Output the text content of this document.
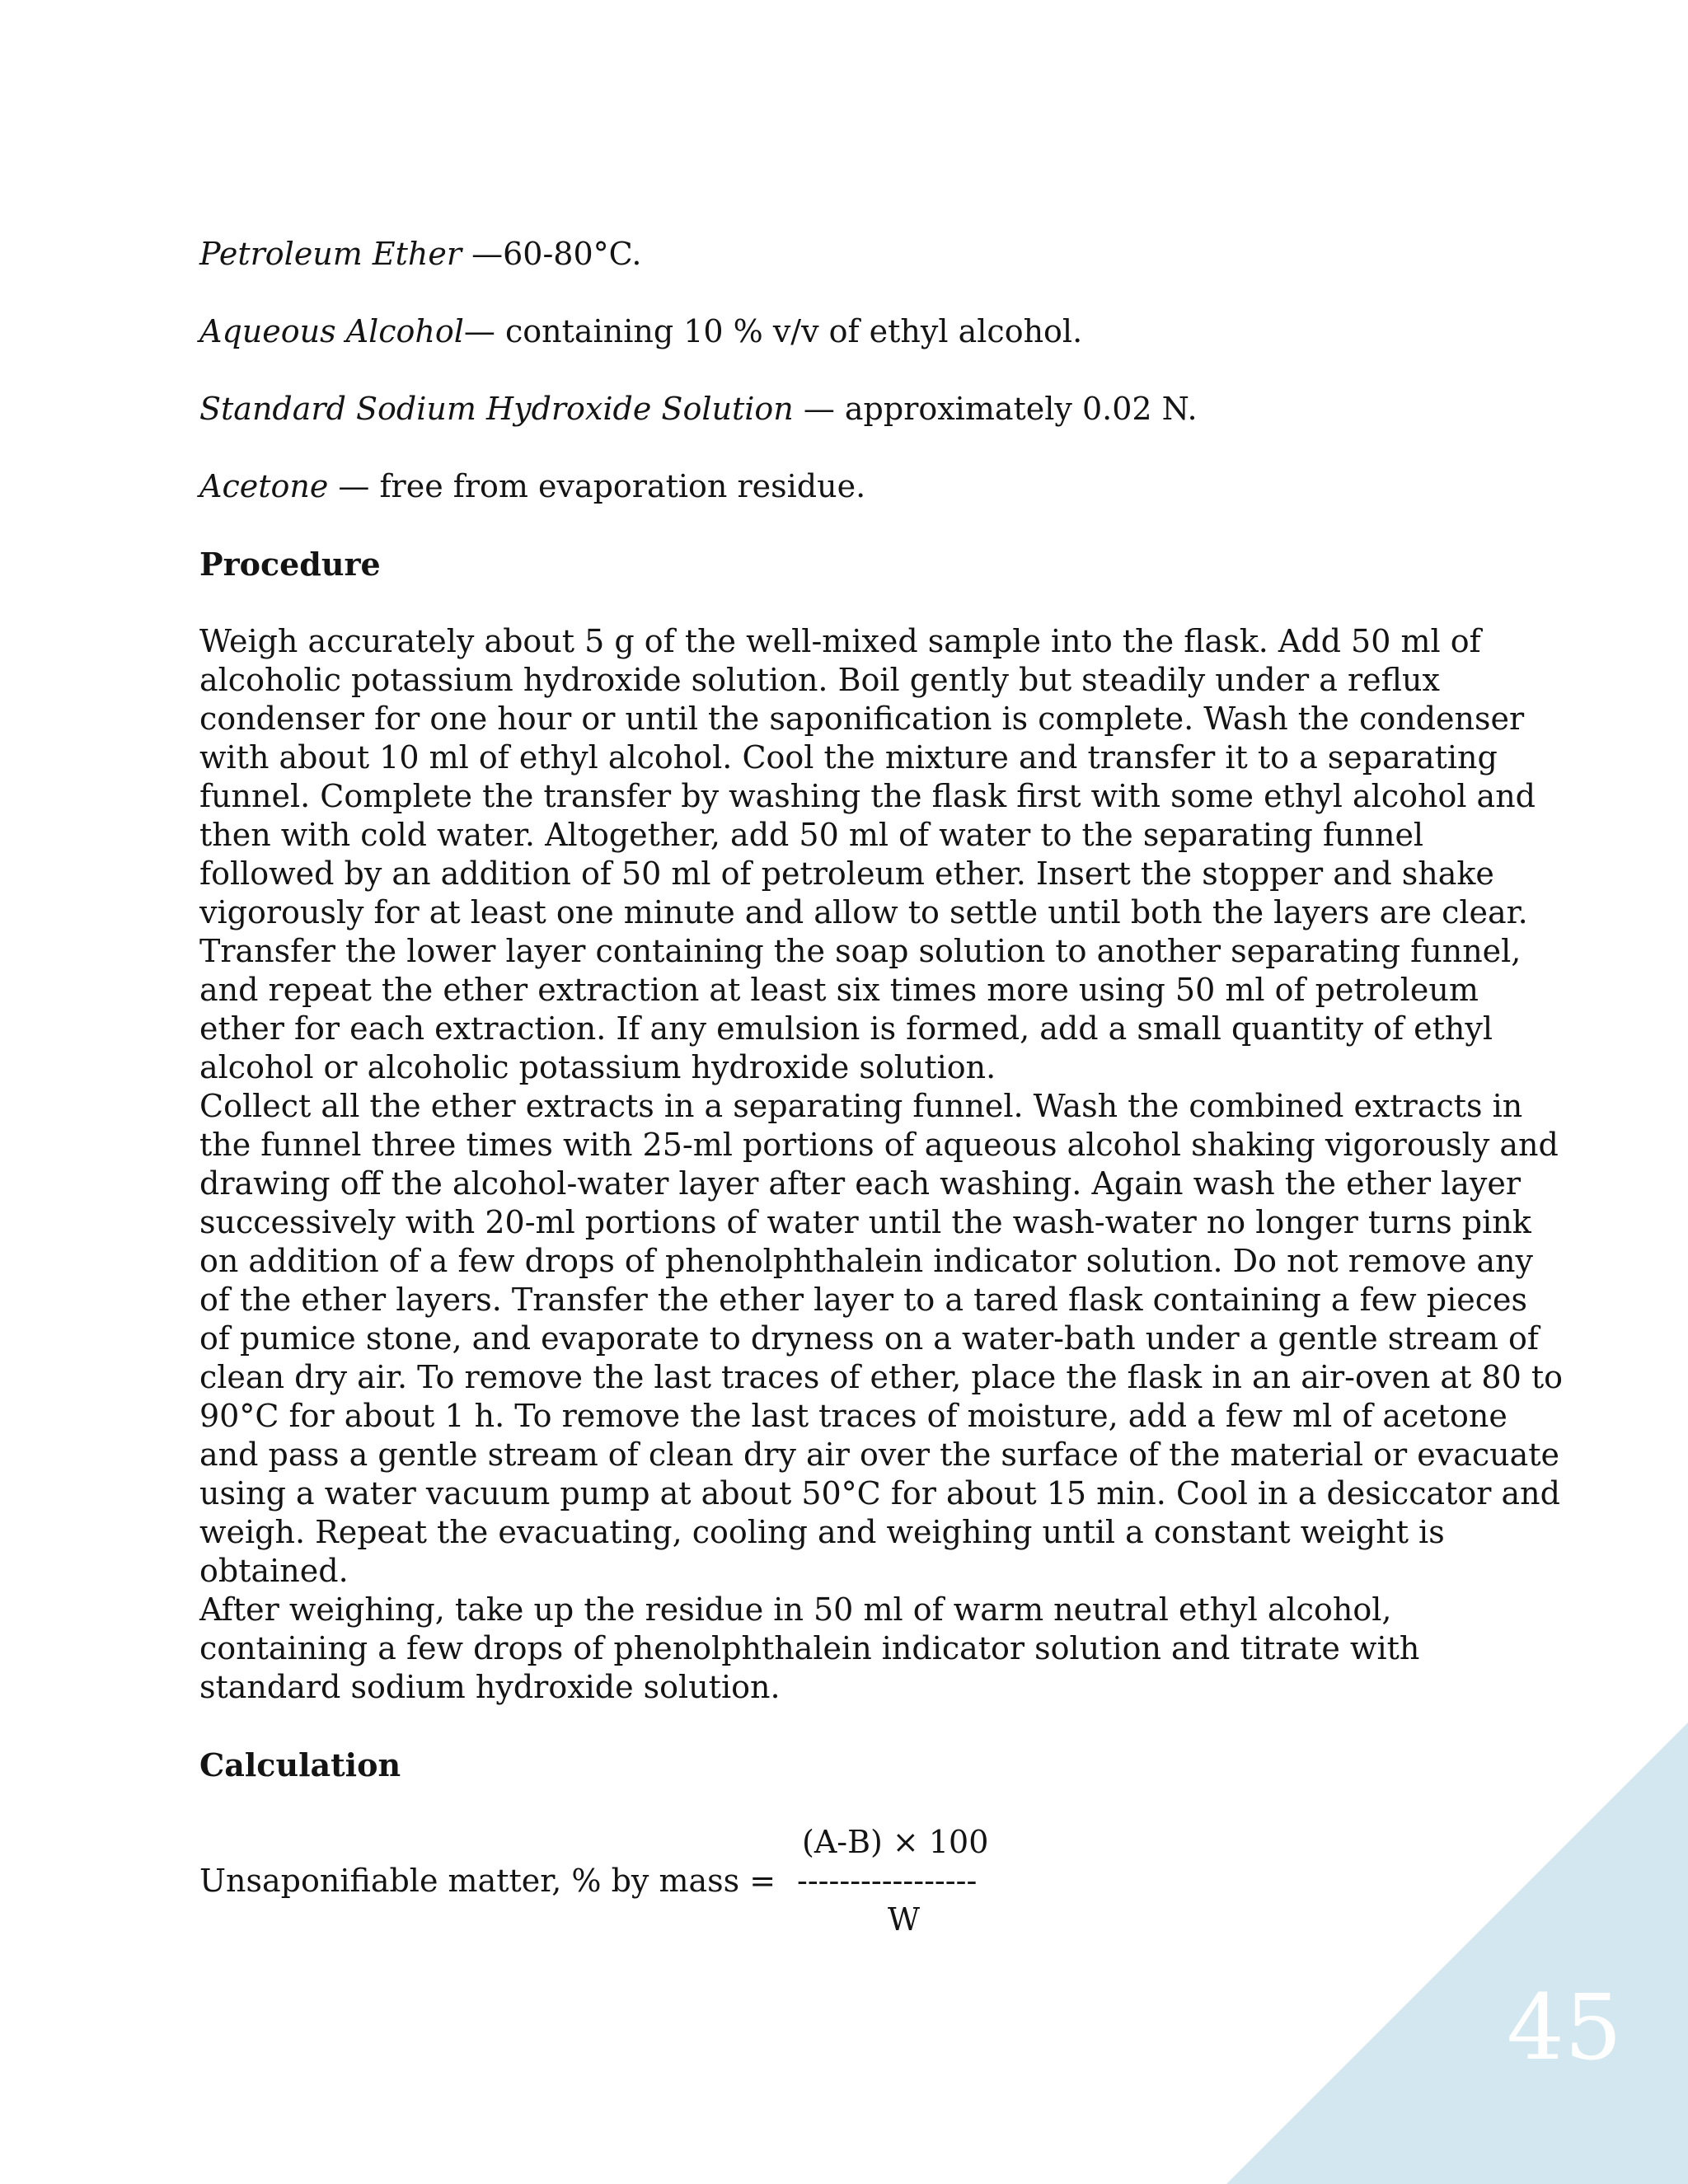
Petroleum Ether —60-80°C.

Aqueous Alcohol— containing 10 % v/v of ethyl alcohol.

Standard Sodium Hydroxide Solution — approximately 0.02 N.

Acetone — free from evaporation residue.

Procedure

Weigh accurately about 5 g of the well-mixed sample into the flask. Add 50 ml of alcoholic potassium hydroxide solution. Boil gently but steadily under a reflux condenser for one hour or until the saponification is complete. Wash the condenser with about 10 ml of ethyl alcohol. Cool the mixture and transfer it to a separating funnel. Complete the transfer by washing the flask first with some ethyl alcohol and then with cold water. Altogether, add 50 ml of water to the separating funnel followed by an addition of 50 ml of petroleum ether. Insert the stopper and shake vigorously for at least one minute and allow to settle until both the layers are clear. Transfer the lower layer containing the soap solution to another separating funnel, and repeat the ether extraction at least six times more using 50 ml of petroleum ether for each extraction. If any emulsion is formed, add a small quantity of ethyl alcohol or alcoholic potassium hydroxide solution.

Collect all the ether extracts in a separating funnel. Wash the combined extracts in the funnel three times with 25-ml portions of aqueous alcohol shaking vigorously and drawing off the alcohol-water layer after each washing. Again wash the ether layer successively with 20-ml portions of water until the wash-water no longer turns pink on addition of a few drops of phenolphthalein indicator solution. Do not remove any of the ether layers. Transfer the ether layer to a tared flask containing a few pieces of pumice stone, and evaporate to dryness on a water-bath under a gentle stream of clean dry air. To remove the last traces of ether, place the flask in an air-oven at 80 to 90°C for about 1 h. To remove the last traces of moisture, add a few ml of acetone and pass a gentle stream of clean dry air over the surface of the material or evacuate using a water vacuum pump at about 50°C for about 15 min. Cool in a desiccator and weigh. Repeat the evacuating, cooling and weighing until a constant weight is obtained.

After weighing, take up the residue in 50 ml of warm neutral ethyl alcohol, containing a few drops of phenolphthalein indicator solution and titrate with standard sodium hydroxide solution.

Calculation

(A-B) × 100
Unsaponifiable matter, % by mass = -----------------
W
45
